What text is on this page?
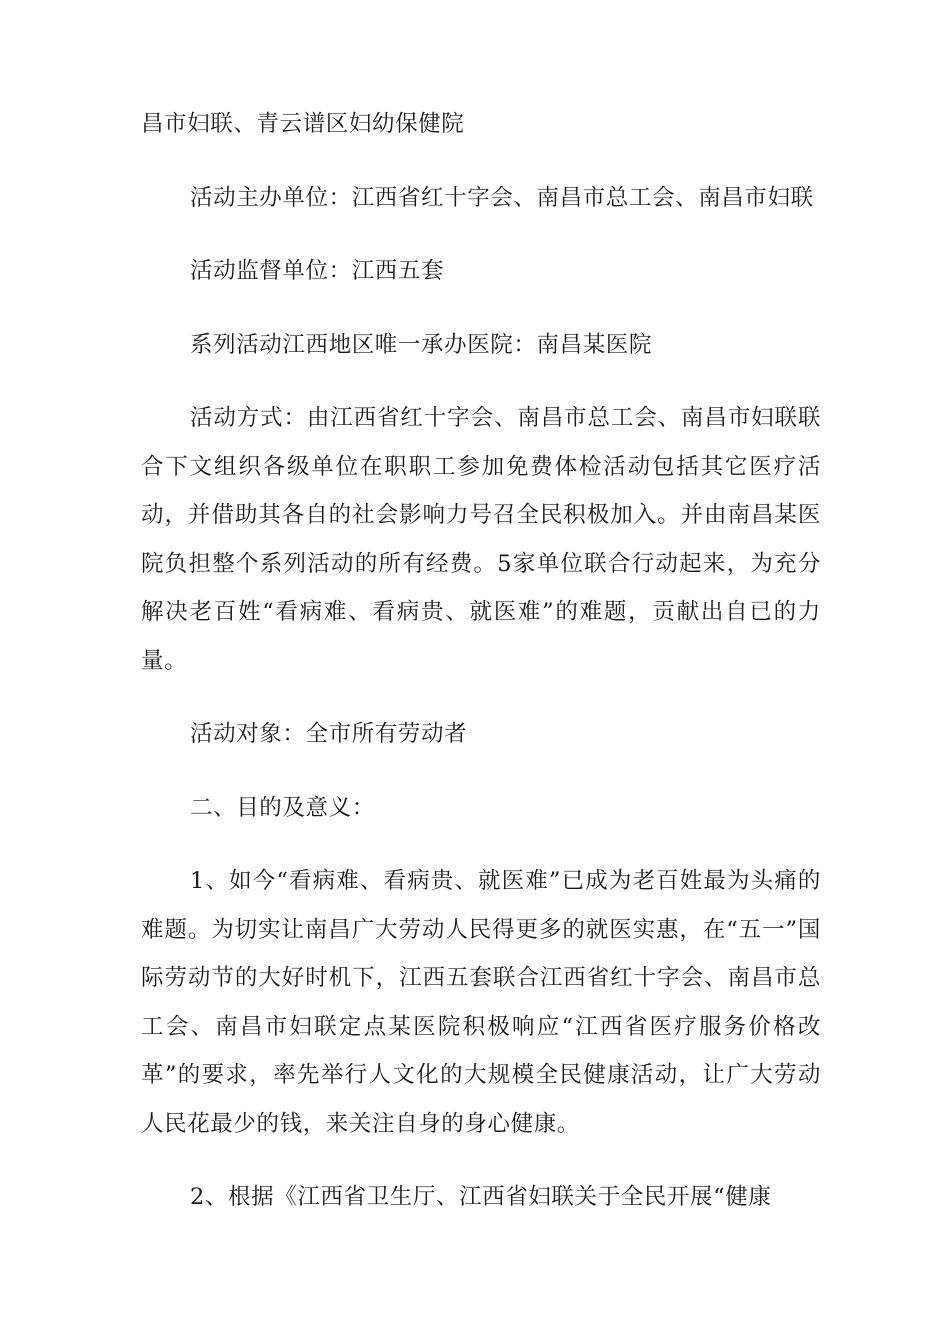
昌市妇联、青云谱区妇幼保健院

活动主办单位：江西省红十字会、南昌市总工会、南昌市妇联

活动监督单位：江西五套

系列活动江西地区唯一承办医院：南昌某医院

活动方式：由江西省红十字会、南昌市总工会、南昌市妇联联合下文组织各级单位在职职工参加免费体检活动包括其它医疗活动，并借助其各自的社会影响力号召全民积极加入。并由南昌某医院负担整个系列活动的所有经费。5家单位联合行动起来，为充分解决老百姓“看病难、看病贵、就医难”的难题，贡献出自已的力量。

活动对象：全市所有劳动者

二、目的及意义：

1、如今“看病难、看病贵、就医难”已成为老百姓最为头痛的难题。为切实让南昌广大劳动人民得更多的就医实惠，在“五一”国际劳动节的大好时机下，江西五套联合江西省红十字会、南昌市总工会、南昌市妇联定点某医院积极响应“江西省医疗服务价格改革”的要求，率先举行人文化的大规模全民健康活动，让广大劳动人民花最少的钱，来关注自身的身心健康。

2、根据《江西省卫生厅、江西省妇联关于全民开展“健康
